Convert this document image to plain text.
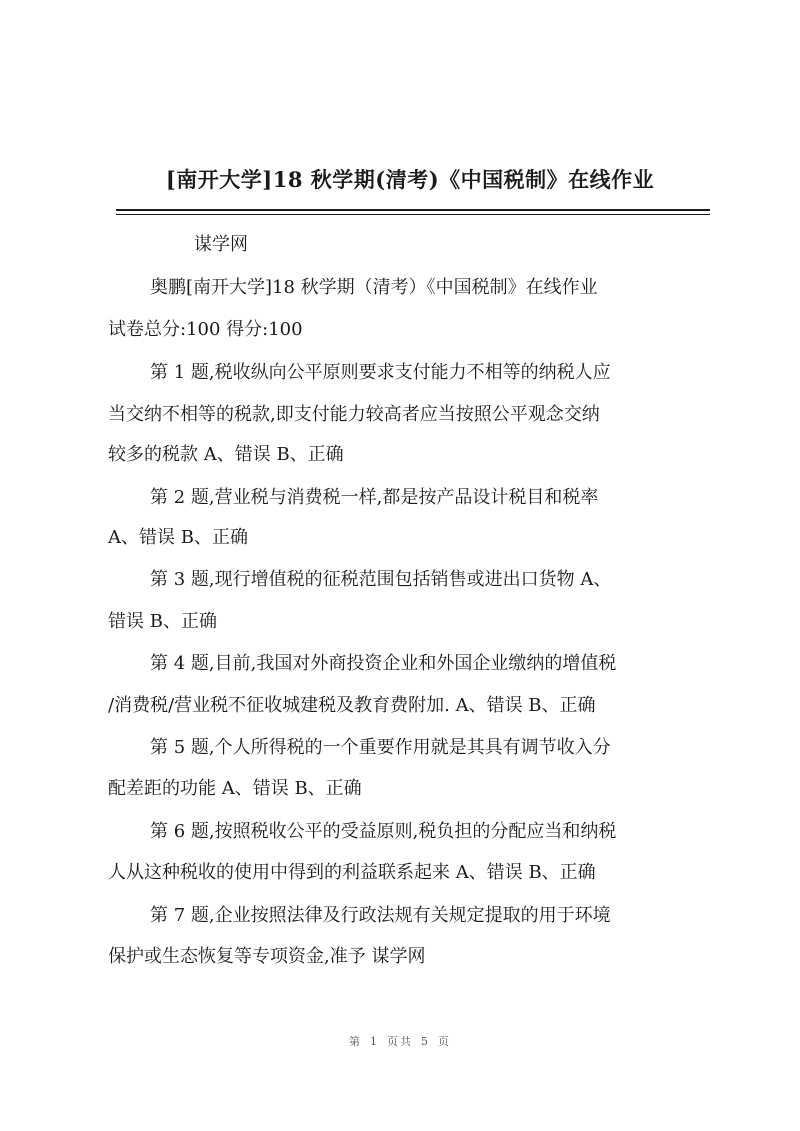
[南开大学]18 秋学期(清考)《中国税制》在线作业
谋学网
奥鹏[南开大学]18 秋学期（清考）《中国税制》在线作业
试卷总分:100 得分:100
第 1 题,税收纵向公平原则要求支付能力不相等的纳税人应
当交纳不相等的税款,即支付能力较高者应当按照公平观念交纳
较多的税款 A、错误 B、正确
第 2 题,营业税与消费税一样,都是按产品设计税目和税率
A、错误 B、正确
第 3 题,现行增值税的征税范围包括销售或进出口货物 A、
错误 B、正确
第 4 题,目前,我国对外商投资企业和外国企业缴纳的增值税
/消费税/营业税不征收城建税及教育费附加. A、错误 B、正确
第 5 题,个人所得税的一个重要作用就是其具有调节收入分
配差距的功能 A、错误 B、正确
第 6 题,按照税收公平的受益原则,税负担的分配应当和纳税
人从这种税收的使用中得到的利益联系起来 A、错误 B、正确
第 7 题,企业按照法律及行政法规有关规定提取的用于环境
保护或生态恢复等专项资金,准予 谋学网
第 1 页共 5 页
